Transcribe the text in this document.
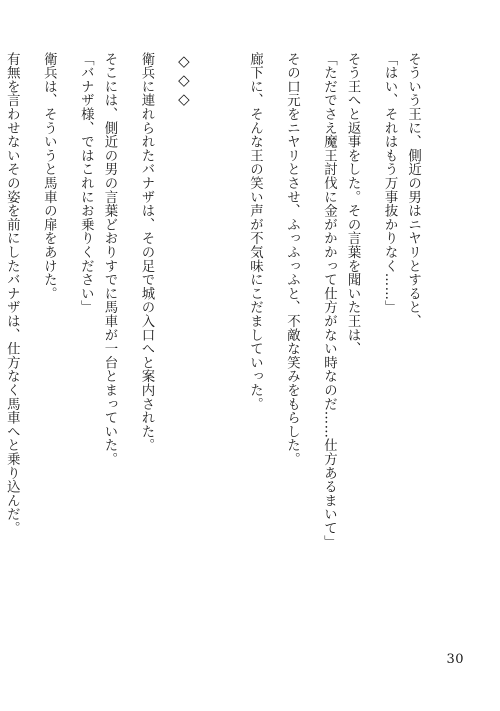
そういう王に、側近の男はニヤリとすると、
「はい、それはもう万事抜かりなく……」
そう王へと返事をした。その言葉を聞いた王は、
「ただでさえ魔王討伐に金がかかって仕方がない時なのだ……仕方あるまいて」
その口元をニヤリとさせ、ふっふっふと、不敵な笑みをもらした。
廊下に、そんな王の笑い声が不気味にこだましていった。
◇◇◇
衛兵に連れられたバナザは、その足で城の入口へと案内された。
そこには、側近の男の言葉どおりすでに馬車が一台とまっていた。
「バナザ様、ではこれにお乗りください」
衛兵は、そういうと馬車の扉をあけた。
有無を言わせないその姿を前にしたバナザは、仕方なく馬車へと乗り込んだ。
30
